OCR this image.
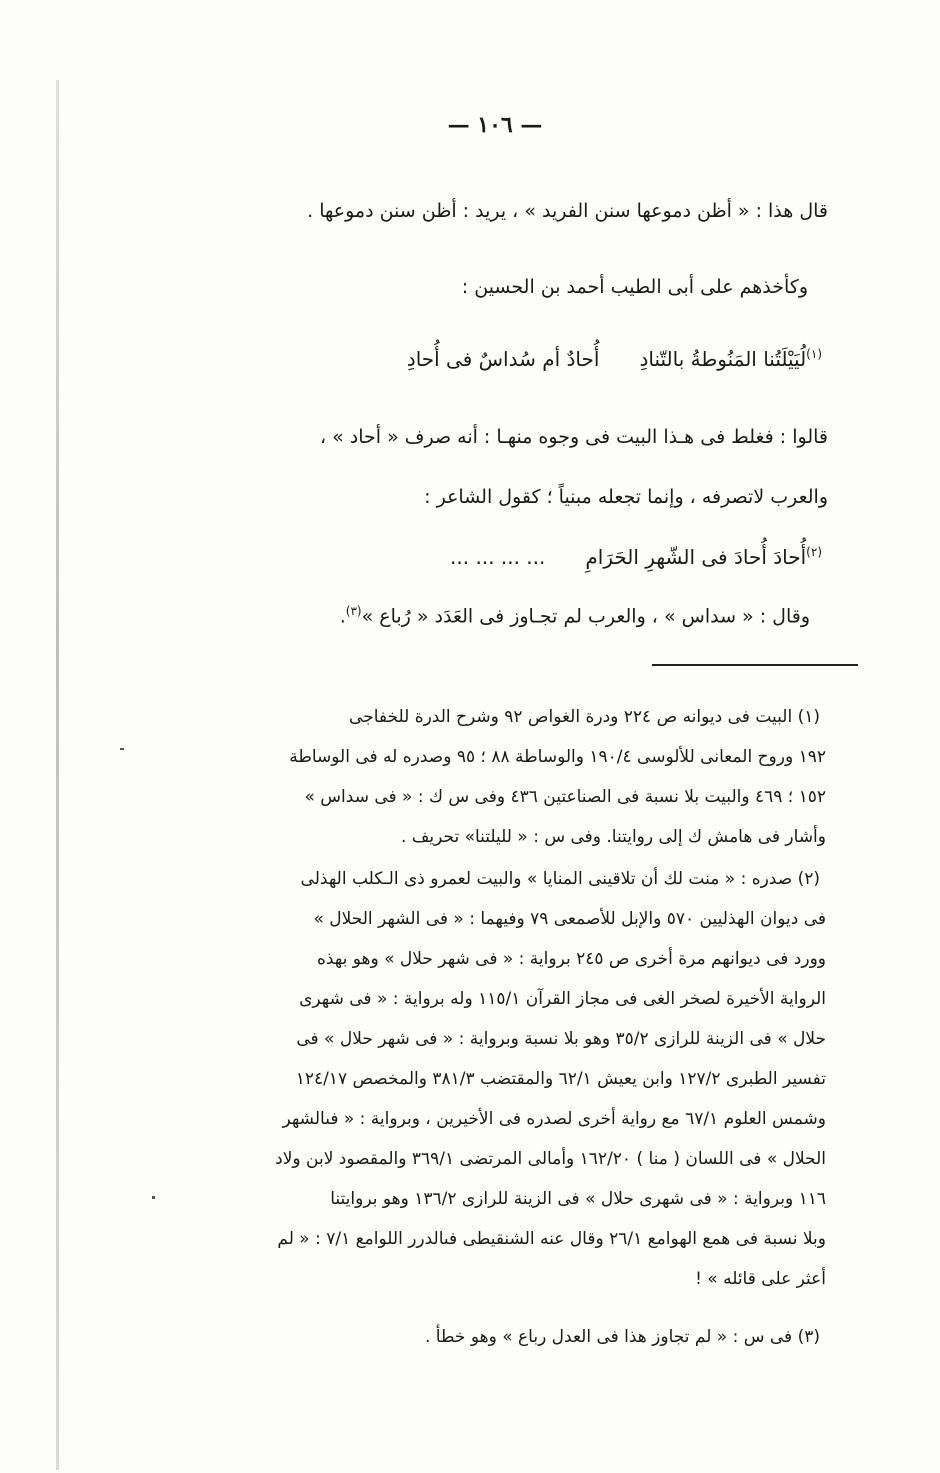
— ١٠٦ —
قال هذا : « أظن دموعها سنن الفريد » ، يريد : أظن سنن دموعها .
وكأخذهم على أبى الطيب أحمد بن الحسين :
أُحادٌ أم سُداسٌ فى أُحادِ لُيَيْلَتُنا المَنُوطةُ بالتّنادِ$^{(١)}$
قالوا : فغلط فى هـذا البيت فى وجوه منهـا : أنه صرف « أحاد » ،
والعرب لاتصرفه ، وإنما تجعله مبنياً ؛ كقول الشاعر :
... ... ... ... أُحادَ أُحادَ فى الشّهرِ الحَرَامِ$^{(٢)}$
وقال : « سداس » ، والعرب لم تجـاوز فى العَدَد « رُباع »$^{(٣)}$.
(١) البيت فى ديوانه ص ٢٢٤ ودرة الغواص ٩٢ وشرح الدرة للخفاجى
١٩٢ وروح المعانى للألوسى ١٩٠/٤ والوساطة ٨٨ ؛ ٩٥ وصدره له فى الوساطة
١٥٢ ؛ ٤٦٩ والبيت بلا نسبة فى الصناعتين ٤٣٦ وفى س ك : « فى سداس »
وأشار فى هامش ك إلى روايتنا. وفى س : « لليلتنا» تحريف .
(٢) صدره : « منت لك أن تلاقينى المنايا » والبيت لعمرو ذى الـكلب الهذلى
فى ديوان الهذليين ٥٧٠ والإبل للأصمعى ٧٩ وفيهما : « فى الشهر الحلال »
وورد فى ديوانهم مرة أخرى ص ٢٤٥ برواية : « فى شهر حلال » وهو بهذه
الرواية الأخيرة لصخر الغى فى مجاز القرآن ١١٥/١ وله برواية : « فى شهرى
حلال » فى الزينة للرازى ٣٥/٢ وهو بلا نسبة وبرواية : « فى شهر حلال » فى
تفسير الطبرى ١٢٧/٢ وابن يعيش ٦٢/١ والمقتضب ٣٨١/٣ والمخصص ١٢٤/١٧
وشمس العلوم ٦٧/١ مع رواية أخرى لصدره فى الأخيرين ، وبرواية : « فىالشهر
الحلال » فى اللسان ( منا ) ١٦٢/٢٠ وأمالى المرتضى ٣٦٩/١ والمقصود لابن ولاد
١١٦ وبرواية : « فى شهرى حلال » فى الزينة للرازى ١٣٦/٢ وهو بروايتنا
وبلا نسبة فى همع الهوامع ٢٦/١ وقال عنه الشنقيطى فىالدرر اللوامع ٧/١ : « لم
أعثر على قائله » !
(٣) فى س : « لم تجاوز هذا فى العدل رباع » وهو خطأ .
